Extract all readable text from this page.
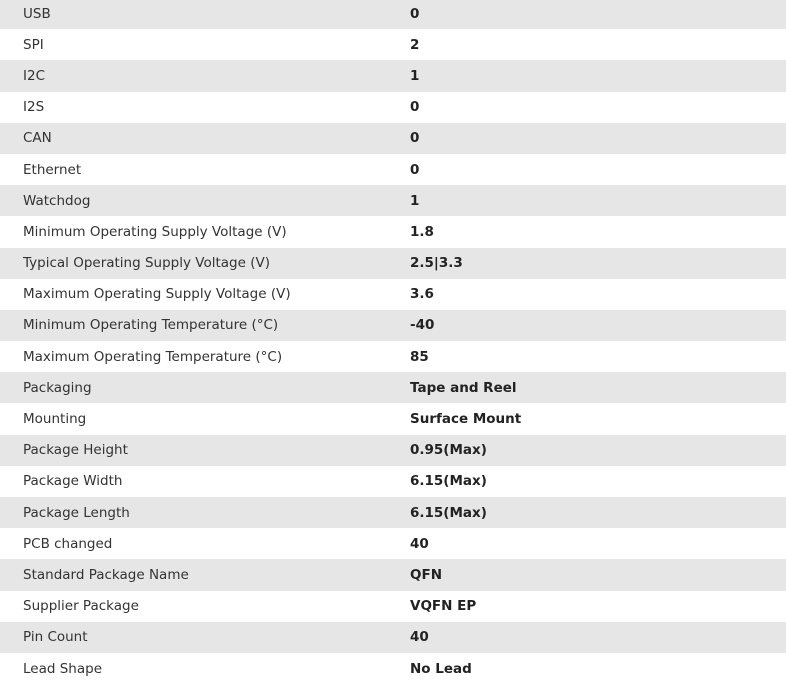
USB	0
SPI	2
I2C	1
I2S	0
CAN	0
Ethernet	0
Watchdog	1
Minimum Operating Supply Voltage (V)	1.8
Typical Operating Supply Voltage (V)	2.5|3.3
Maximum Operating Supply Voltage (V)	3.6
Minimum Operating Temperature (°C)	-40
Maximum Operating Temperature (°C)	85
Packaging	Tape and Reel
Mounting	Surface Mount
Package Height	0.95(Max)
Package Width	6.15(Max)
Package Length	6.15(Max)
PCB changed	40
Standard Package Name	QFN
Supplier Package	VQFN EP
Pin Count	40
Lead Shape	No Lead
